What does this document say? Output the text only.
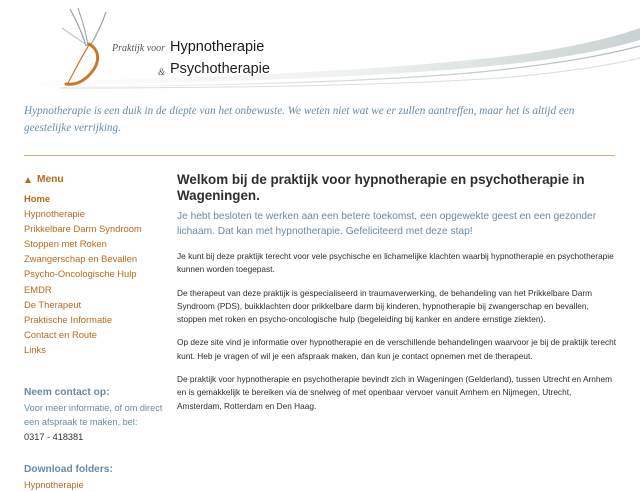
Praktijk voor Hypnotherapie
& Psychotherapie
Hypnotherapie is een duik in de diepte van het onbewuste. We weten niet wat we er zullen aantreffen, maar het is altijd een geestelijke verrijking.
Menu
Home
Hypnotherapie
Prikkelbare Darm Syndroom
Stoppen met Roken
Zwangerschap en Bevallen
Psycho-Oncologische Hulp
EMDR
De Therapeut
Praktische Informatie
Contact en Route
Links
Neem contact op:

Voor meer informatie, of om direct

een afspraak te maken, bel:

0317 - 418381

Download folders:
Hypnotherapie
Welkom bij de praktijk voor hypnotherapie en psychotherapie in Wageningen.

Je hebt besloten te werken aan een betere toekomst, een opgewekte geest en een gezonder lichaam. Dat kan met hypnotherapie. Gefeliciteerd met deze stap!

Je kunt bij deze praktijk terecht voor vele psychische en lichamelijke klachten waarbij hypnotherapie en psychotherapie kunnen worden toegepast.

De therapeut van deze praktijk is gespecialiseerd in traumaverwerking, de behandeling van het Prikkelbare Darm Syndroom (PDS), buikklachten door prikkelbare darm bij kinderen, hypnotherapie bij zwangerschap en bevallen, stoppen met roken en psycho-oncologische hulp (begeleiding bij kanker en andere ernstige ziekten).

Op deze site vind je informatie over hypnotherapie en de verschillende behandelingen waarvoor je bij de praktijk terecht kunt. Heb je vragen of wil je een afspraak maken, dan kun je contact opnemen met de therapeut.

De praktijk voor hypnotherapie en psychotherapie bevindt zich in Wageningen (Gelderland), tussen Utrecht en Arnhem en is gemakkelijk te bereiken via de snelweg of met openbaar vervoer vanuit Arnhem en Nijmegen, Utrecht, Amsterdam, Rotterdam en Den Haag.
